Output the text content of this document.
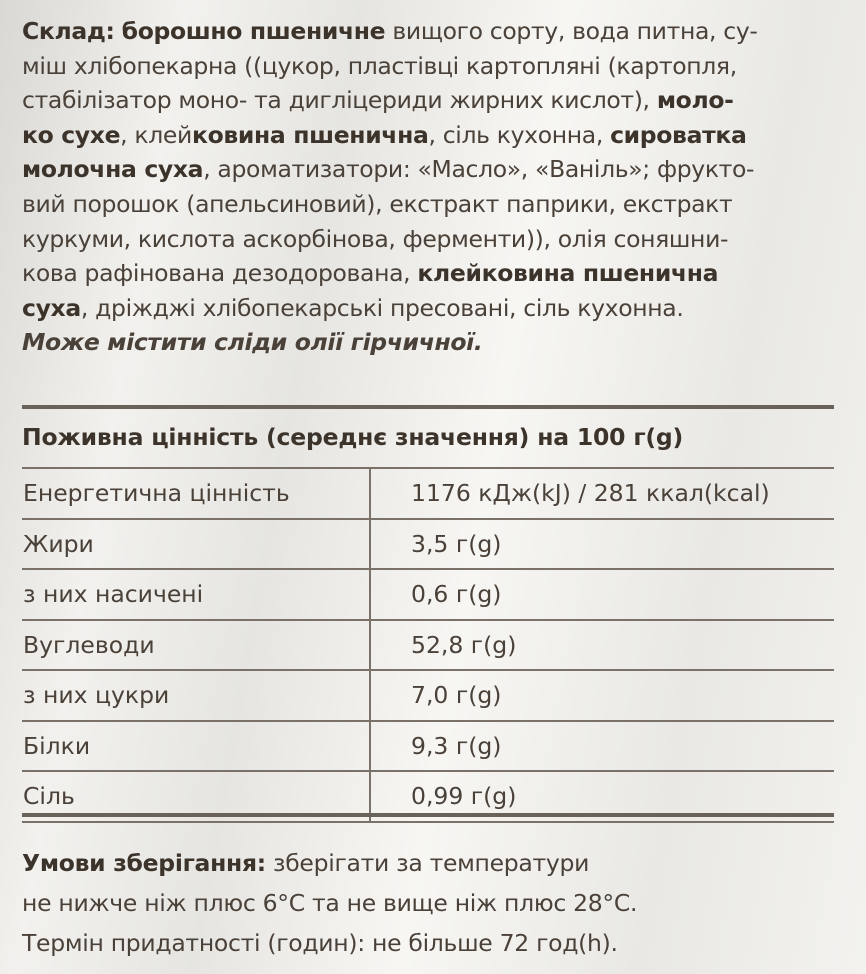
Склад: борошно пшеничне вищого сорту, вода питна, су-
міш хлібопекарна ((цукор, пластівці картопляні (картопля,
стабілізатор моно- та дигліцериди жирних кислот), моло-
ко сухе, клейковина пшенична, сіль кухонна, сироватка
молочна суха, ароматизатори: «Масло», «Ваніль»; фрукто-
вий порошок (апельсиновий), екстракт паприки, екстракт
куркуми, кислота аскорбінова, ферменти)), олія соняшни-
кова рафінована дезодорована, клейковина пшенична
суха, дріжджі хлібопекарські пресовані, сіль кухонна.
Може містити сліди олії гірчичної.
Поживна цінність (середнє значення) на 100 г(g)
Енергетична цінність	1176 кДж(kJ) / 281 ккал(kcal)
Жири	3,5 г(g)
з них насичені	0,6 г(g)
Вуглеводи	52,8 г(g)
з них цукри	7,0 г(g)
Білки	9,3 г(g)
Сіль	0,99 г(g)
Умови зберігання: зберігати за температури
не нижче ніж плюс 6°С та не вище ніж плюс 28°С.
Термін придатності (годин): не більше 72 год(h).
